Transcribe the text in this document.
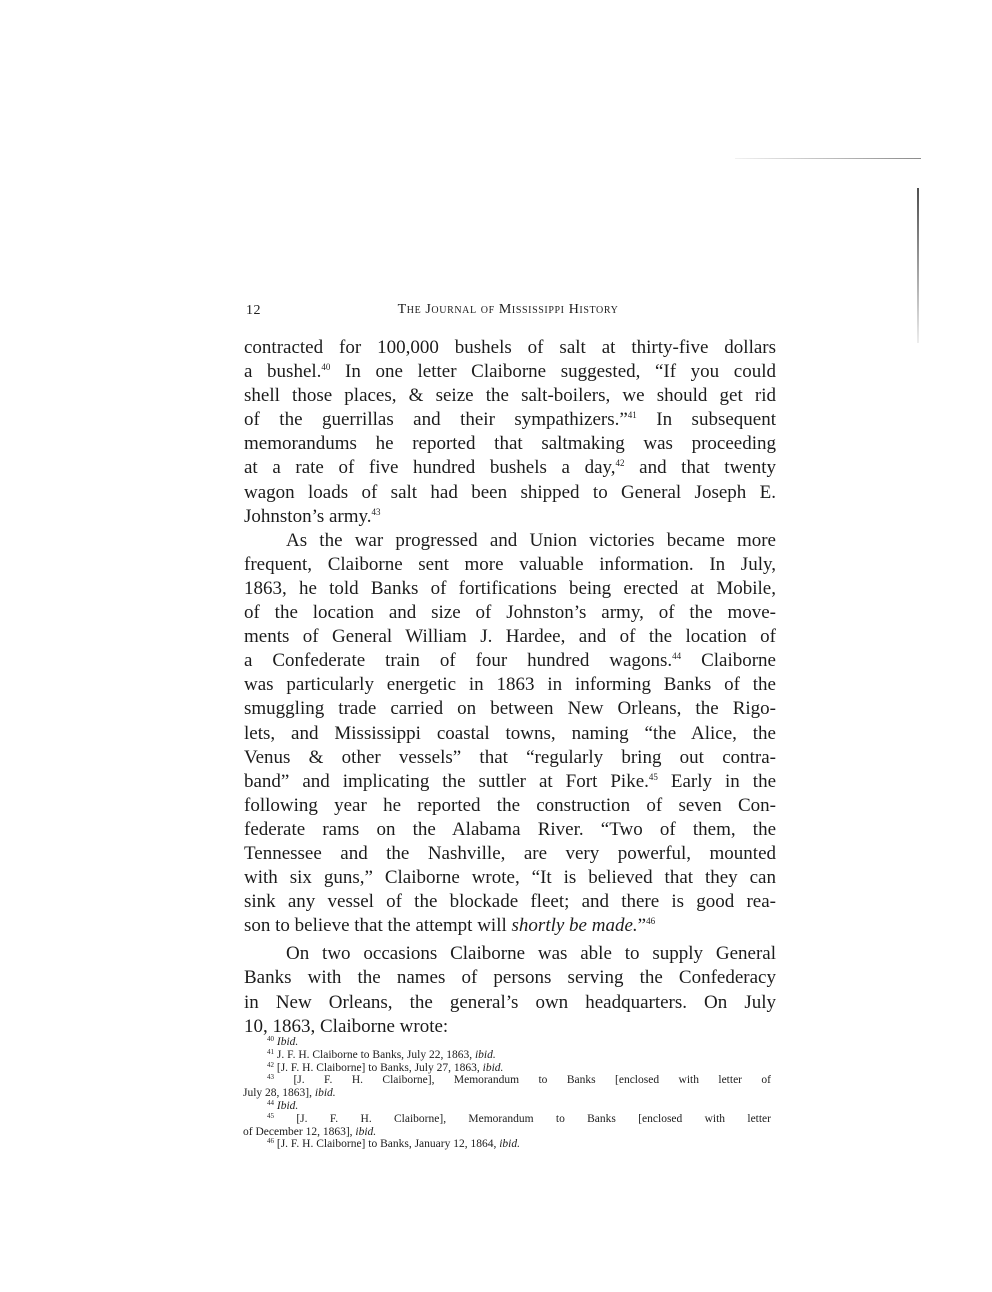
12	The Journal of Mississippi History
contracted for 100,000 bushels of salt at thirty-five dollars
a bushel.$^{40}$ In one letter Claiborne suggested, “If you could
shell those places, & seize the salt-boilers, we should get rid
of the guerrillas and their sympathizers.”$^{41}$ In subsequent
memorandums he reported that saltmaking was proceeding
at a rate of five hundred bushels a day,$^{42}$ and that twenty
wagon loads of salt had been shipped to General Joseph E.
Johnston’s army.$^{43}$
As the war progressed and Union victories became more
frequent, Claiborne sent more valuable information. In July,
1863, he told Banks of fortifications being erected at Mobile,
of the location and size of Johnston’s army, of the move-
ments of General William J. Hardee, and of the location of
a Confederate train of four hundred wagons.$^{44}$ Claiborne
was particularly energetic in 1863 in informing Banks of the
smuggling trade carried on between New Orleans, the Rigo-
lets, and Mississippi coastal towns, naming “the Alice, the
Venus & other vessels” that “regularly bring out contra-
band” and implicating the suttler at Fort Pike.$^{45}$ Early in the
following year he reported the construction of seven Con-
federate rams on the Alabama River. “Two of them, the
Tennessee and the Nashville, are very powerful, mounted
with six guns,” Claiborne wrote, “It is believed that they can
sink any vessel of the blockade fleet; and there is good rea-
son to believe that the attempt will shortly be made.”$^{46}$
On two occasions Claiborne was able to supply General
Banks with the names of persons serving the Confederacy
in New Orleans, the general’s own headquarters. On July
10, 1863, Claiborne wrote:
$^{40}$ Ibid.
$^{41}$ J. F. H. Claiborne to Banks, July 22, 1863, ibid.
$^{42}$ [J. F. H. Claiborne] to Banks, July 27, 1863, ibid.
$^{43}$ [J. F. H. Claiborne], Memorandum to Banks [enclosed with letter of
July 28, 1863], ibid.
$^{44}$ Ibid.
$^{45}$ [J. F. H. Claiborne], Memorandum to Banks [enclosed with letter
of December 12, 1863], ibid.
$^{46}$ [J. F. H. Claiborne] to Banks, January 12, 1864, ibid.
